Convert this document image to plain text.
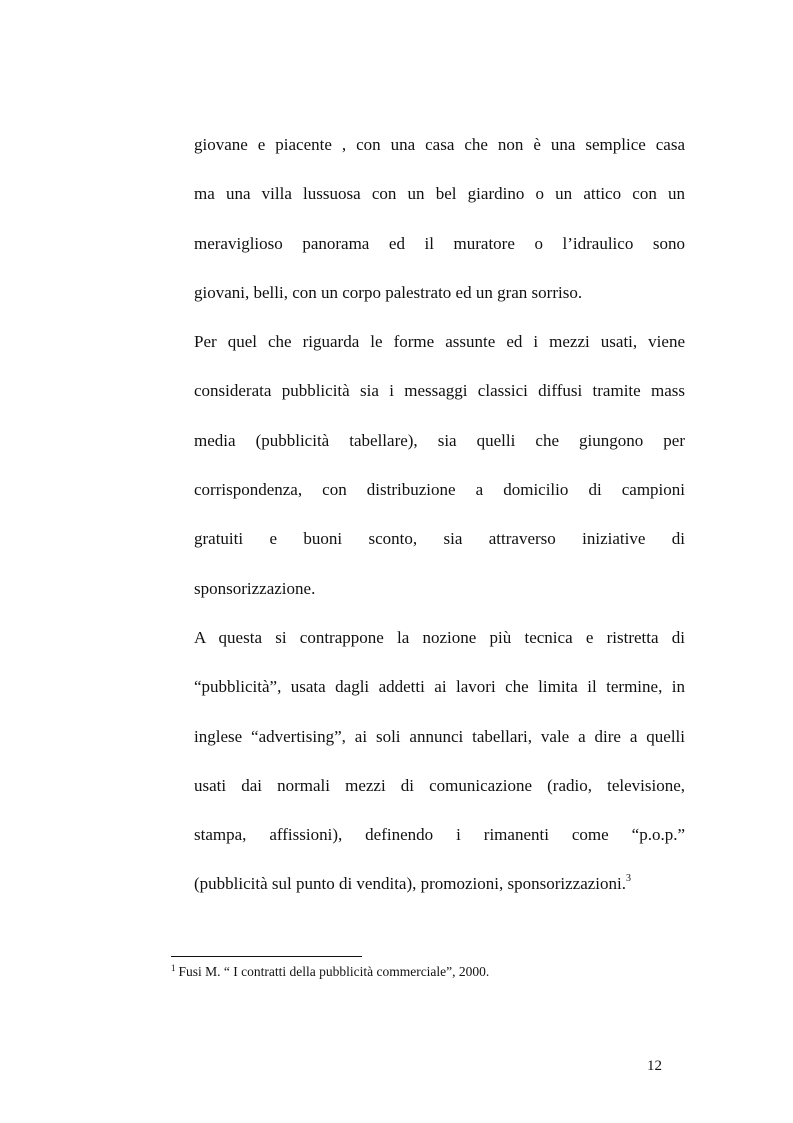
giovane e piacente , con una casa che non è una semplice casa
ma una villa lussuosa con un bel giardino o un attico con un
meraviglioso panorama ed il muratore o l’idraulico sono
giovani, belli, con un corpo palestrato ed un gran sorriso.
Per quel che riguarda le forme assunte ed i mezzi usati, viene
considerata pubblicità sia i messaggi classici diffusi tramite mass
media (pubblicità tabellare), sia quelli che giungono per
corrispondenza, con distribuzione a domicilio di campioni
gratuiti e buoni sconto, sia attraverso iniziative di
sponsorizzazione.
A questa si contrappone la nozione più tecnica e ristretta di
“pubblicità”, usata dagli addetti ai lavori che limita il termine, in
inglese “advertising”, ai soli annunci tabellari, vale a dire a quelli
usati dai normali mezzi di comunicazione (radio, televisione,
stampa, affissioni), definendo i rimanenti come “p.o.p.”
(pubblicità sul punto di vendita), promozioni, sponsorizzazioni.$^3$
$^1$ Fusi M. “ I contratti della pubblicità commerciale”, 2000.
12
